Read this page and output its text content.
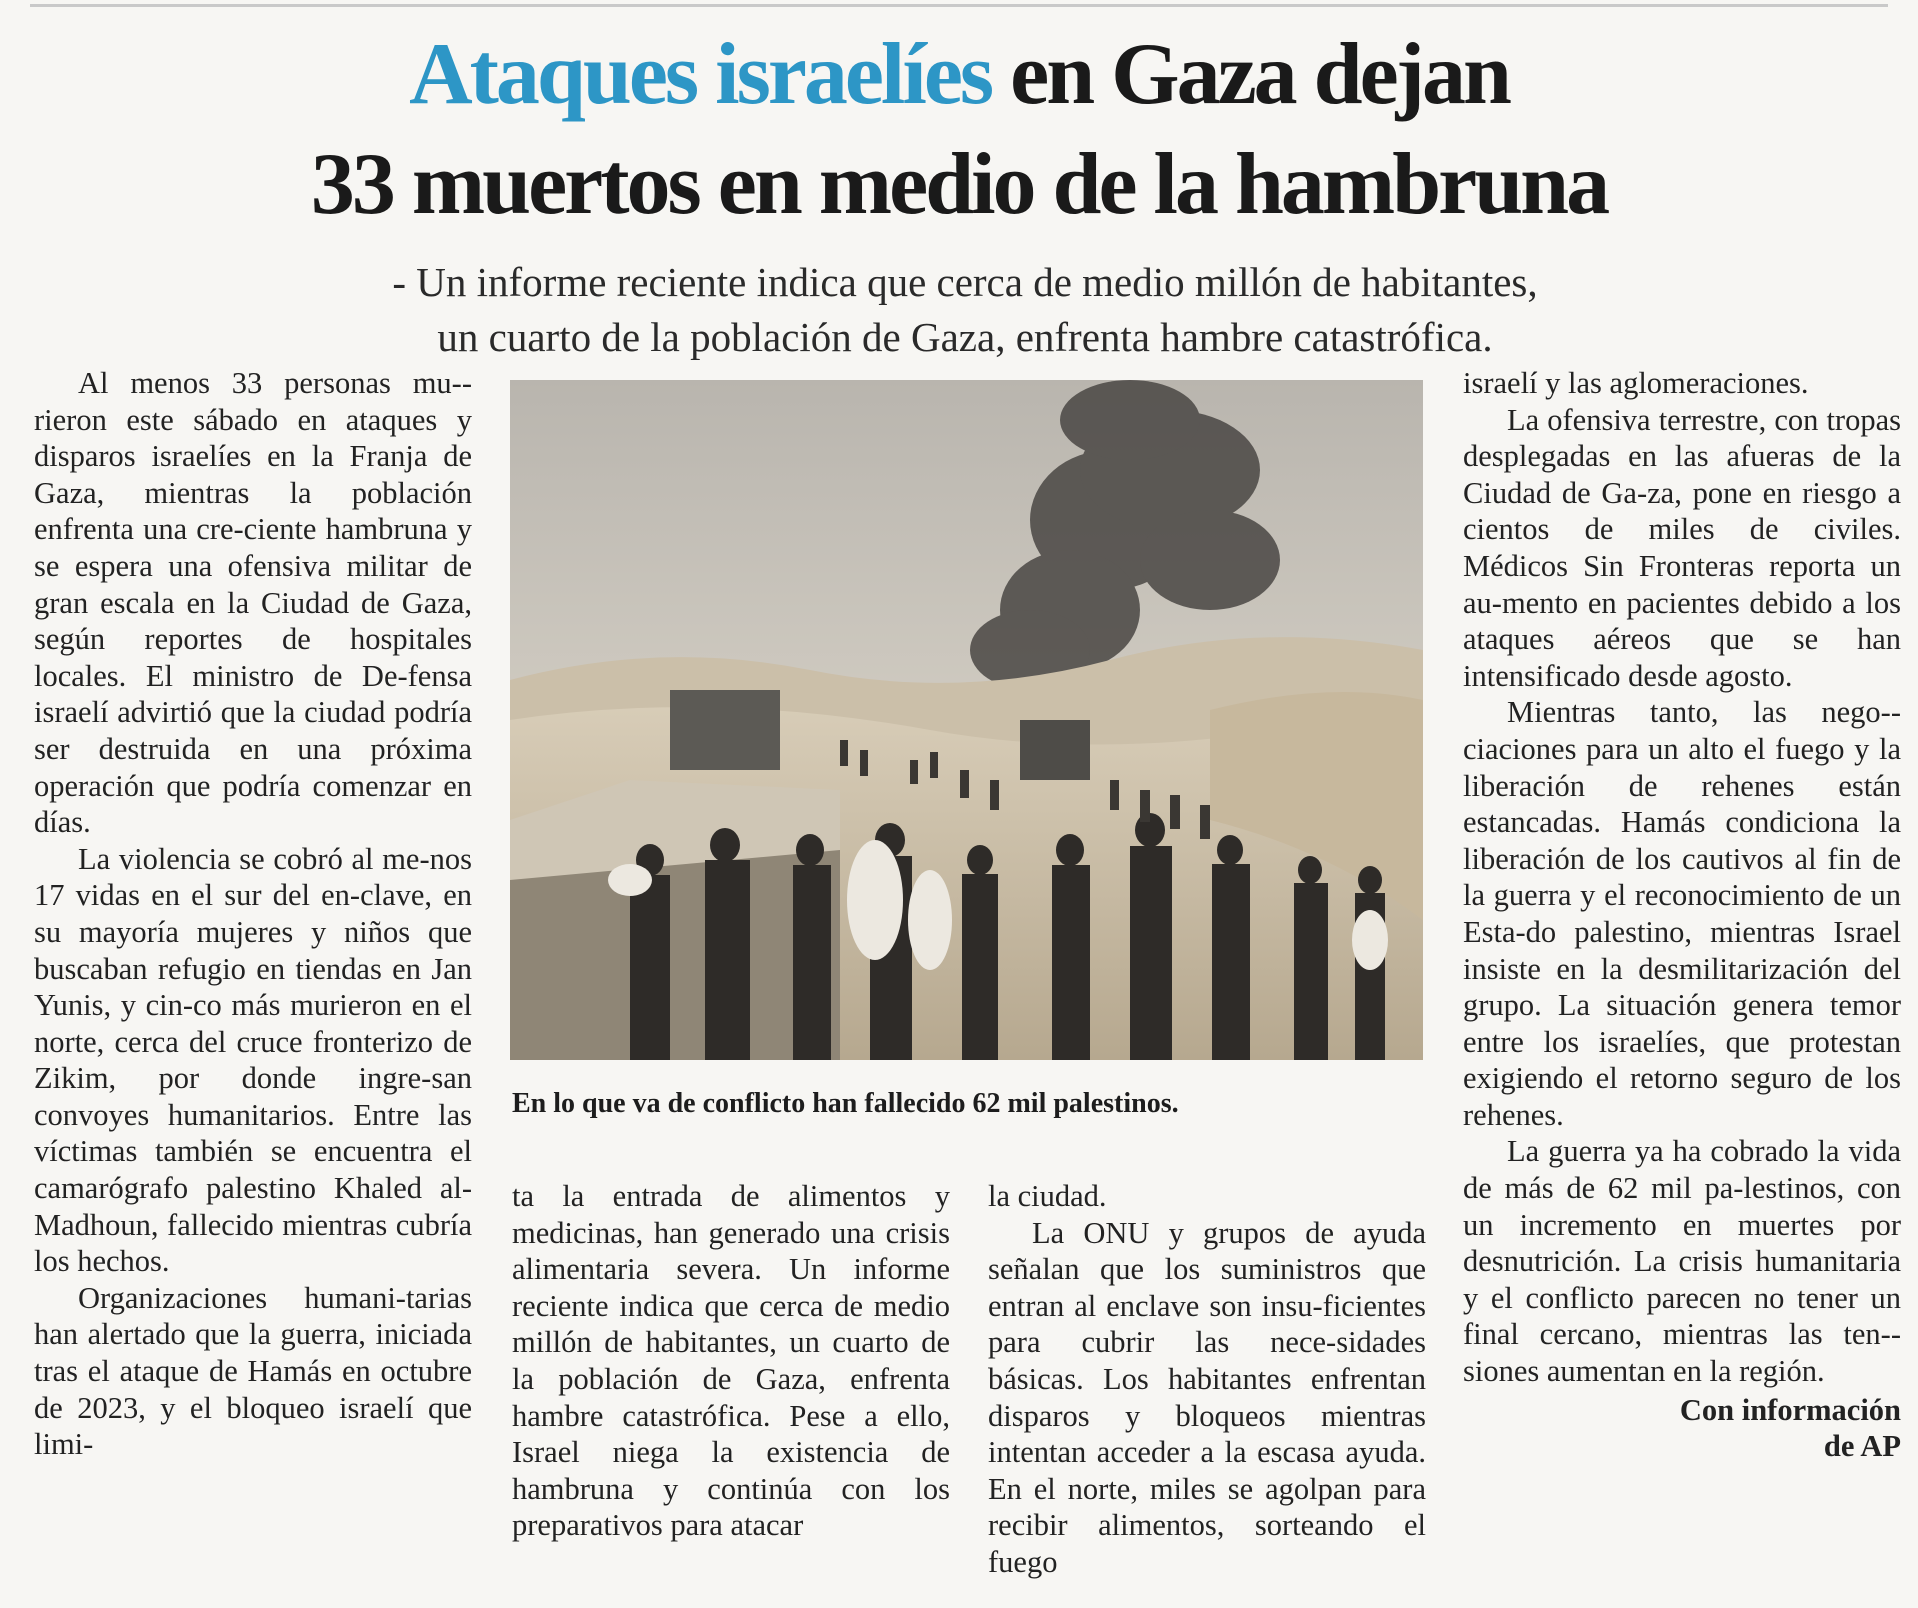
Ataques israelíes en Gaza dejan
33 muertos en medio de la hambruna
- Un informe reciente indica que cerca de medio millón de habitantes,
un cuarto de la población de Gaza, enfrenta hambre catastrófica.

Al menos 33 personas mu-rieron este sábado en ataques y disparos israelíes en la Franja de Gaza, mientras la población enfrenta una cre-ciente hambruna y se espera una ofensiva militar de gran escala en la Ciudad de Gaza, según reportes de hospitales locales. El ministro de De-fensa israelí advirtió que la ciudad podría ser destruida en una próxima operación que podría comenzar en días.

La violencia se cobró al me-nos 17 vidas en el sur del en-clave, en su mayoría mujeres y niños que buscaban refugio en tiendas en Jan Yunis, y cin-co más murieron en el norte, cerca del cruce fronterizo de Zikim, por donde ingre-san convoyes humanitarios. Entre las víctimas también se encuentra el camarógrafo palestino Khaled al-Madhoun, fallecido mientras cubría los hechos.

Organizaciones humani-tarias han alertado que la guerra, iniciada tras el ataque de Hamás en octubre de 2023, y el bloqueo israelí que limi-

En lo que va de conflicto han fallecido 62 mil palestinos.

ta la entrada de alimentos y medicinas, han generado una crisis alimentaria severa. Un informe reciente indica que cerca de medio millón de habitantes, un cuarto de la población de Gaza, enfrenta hambre catastrófica. Pese a ello, Israel niega la existencia de hambruna y continúa con los preparativos para atacar

la ciudad.

La ONU y grupos de ayuda señalan que los suministros que entran al enclave son insu-ficientes para cubrir las nece-sidades básicas. Los habitantes enfrentan disparos y bloqueos mientras intentan acceder a la escasa ayuda. En el norte, miles se agolpan para recibir alimentos, sorteando el fuego

israelí y las aglomeraciones.

La ofensiva terrestre, con tropas desplegadas en las afueras de la Ciudad de Ga-za, pone en riesgo a cientos de miles de civiles. Médicos Sin Fronteras reporta un au-mento en pacientes debido a los ataques aéreos que se han intensificado desde agosto.

Mientras tanto, las nego-ciaciones para un alto el fuego y la liberación de rehenes están estancadas. Hamás condiciona la liberación de los cautivos al fin de la guerra y el reconocimiento de un Esta-do palestino, mientras Israel insiste en la desmilitarización del grupo. La situación genera temor entre los israelíes, que protestan exigiendo el retorno seguro de los rehenes.

La guerra ya ha cobrado la vida de más de 62 mil pa-lestinos, con un incremento en muertes por desnutrición. La crisis humanitaria y el conflicto parecen no tener un final cercano, mientras las ten-siones aumentan en la región.

Con información
de AP
